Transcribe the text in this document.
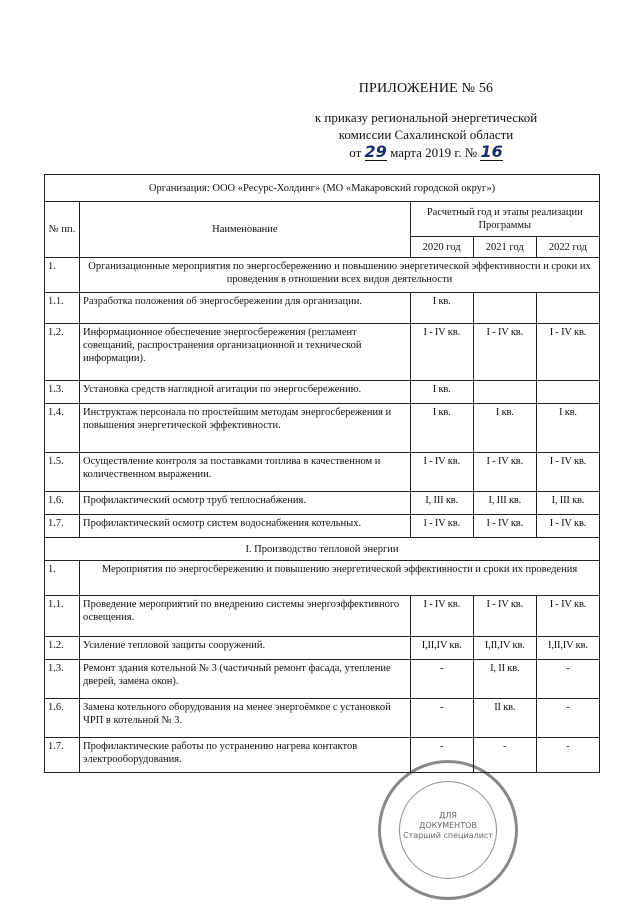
ПРИЛОЖЕНИЕ № 56
к приказу региональной энергетической
комиссии Сахалинской области
от 29 марта 2019 г. № 16
Организация: ООО «Ресурс-Холдинг» (МО «Макаровский городской округ»)				
№ пп.	Наименование	Расчетный год и этапы реализации Программы		
		2020 год	2021 год	2022 год
1.	Организационные мероприятия по энергосбережению и повышению энергетической эффективности и сроки их проведения в отношении всех видов деятельности			
1.1.	Разработка положения об энергосбережении для организации.	I кв.		
1.2.	Информационное обеспечение энергосбережения (регламент совещаний, распространения организационной и технической информации).	I - IV кв.	I - IV кв.	I - IV кв.
1.3.	Установка средств наглядной агитации по энергосбережению.	I кв.		
1.4.	Инструктаж персонала по простейшим методам энергосбережения и повышения энергетической эффективности.	I кв.	I кв.	I кв.
1.5.	Осуществление контроля за поставками топлива в качественном и количественном выражении.	I - IV кв.	I - IV кв.	I - IV кв.
1.6.	Профилактический осмотр труб теплоснабжения.	I, III кв.	I, III кв.	I, III кв.
1.7.	Профилактический осмотр систем водоснабжения котельных.	I - IV кв.	I - IV кв.	I - IV кв.
I. Производство тепловой энергии				
1.	Мероприятия по энергосбережению и повышению энергетической эффективности и сроки их проведения			
1.1.	Проведение мероприятий по внедрению системы энергоэффективного освещения.	I - IV кв.	I - IV кв.	I - IV кв.
1.2.	Усиление тепловой защиты сооружений.	I,II,IV кв.	I,II,IV кв.	I,II,IV кв.
1.3.	Ремонт здания котельной № 3 (частичный ремонт фасада, утепление дверей, замена окон).	-	I, II кв.	-
1.6.	Замена котельного оборудования на менее энергоёмкое с установкой ЧРП в котельной № 3.	-	II кв.	-
1.7.	Профилактические работы по устранению нагрева контактов электрооборудования.	-	-	-
ДЛЯ
ДОКУМЕНТОВ
Старший специалист
